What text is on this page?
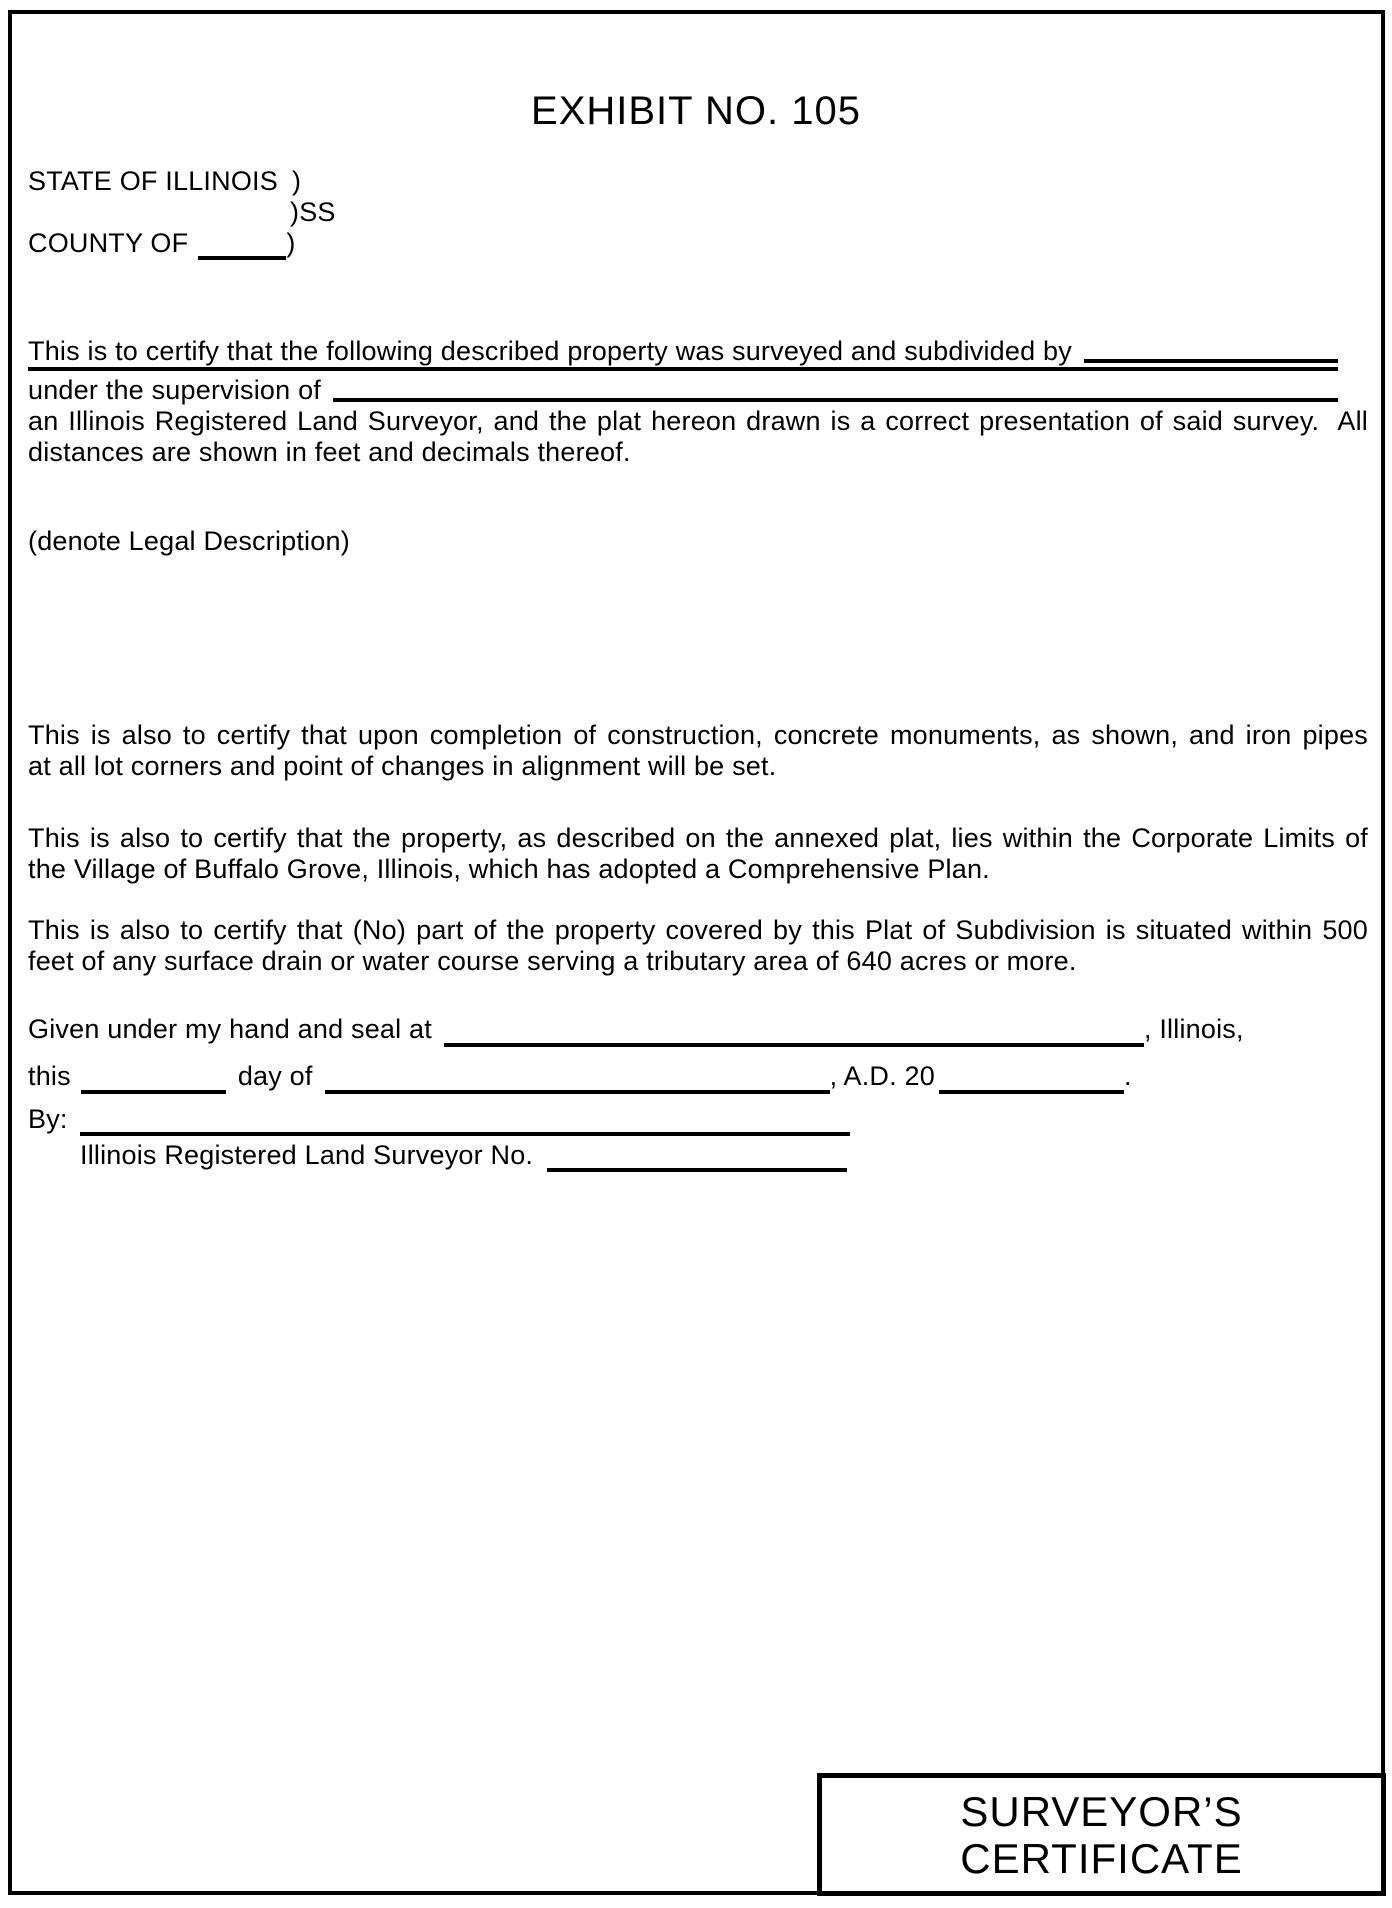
EXHIBIT NO. 105
STATE OF ILLINOIS )
)SS
COUNTY OF	)
This is to certify that the following described property was surveyed and subdivided by
under the supervision of
an Illinois Registered Land Surveyor, and the plat hereon drawn is a correct presentation of said survey.  All
distances are shown in feet and decimals thereof.
(denote Legal Description)
This is also to certify that upon completion of construction, concrete monuments, as shown, and iron pipes
at all lot corners and point of changes in alignment will be set.
This is also to certify that the property, as described on the annexed plat, lies within the Corporate Limits of
the Village of Buffalo Grove, Illinois, which has adopted a Comprehensive Plan.
This is also to certify that (No) part of the property covered by this Plat of Subdivision is situated within 500
feet of any surface drain or water course serving a tributary area of 640 acres or more.
Given under my hand and seal at	, Illinois,
this	day of	, A.D. 20	.
By:
Illinois Registered Land Surveyor No.
SURVEYOR’S
CERTIFICATE
